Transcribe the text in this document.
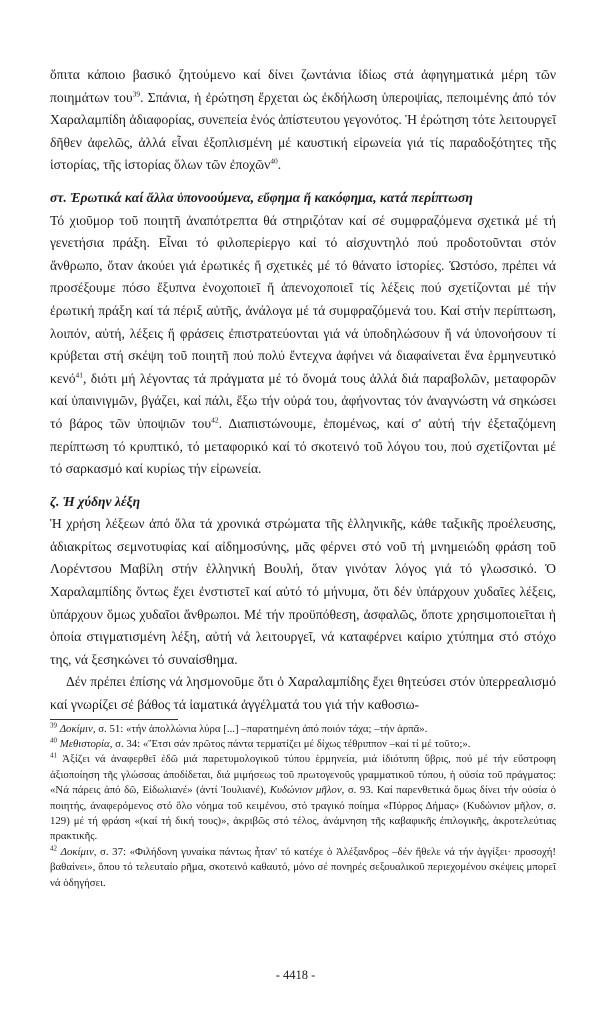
ὅπιτα κάποιο βασικό ζητούμενο καί δίνει ζωντάνια ἰδίως στά ἀφηγηματικά μέρη τῶν ποιημάτων του$^{39}$. Σπάνια, ἡ ἐρώτηση ἔρχεται ὡς ἐκδήλωση ὑπεροψίας, πεποιμένης ἀπό τόν Χαραλαμπίδη ἀδιαφορίας, συνεπεία ἑνός ἀπίστευτου γεγονότος. Ἡ ἐρώτηση τότε λειτουργεῖ δῆθεν ἀφελῶς, ἀλλά εἶναι ἐξοπλισμένη μέ καυστική εἰρωνεία γιά τίς παραδοξότητες τῆς ἱστορίας, τῆς ἱστορίας ὅλων τῶν ἐποχῶν$^{40}$.

στ. Ἐρωτικά καί ἄλλα ὑπονοούμενα, εὔφημα ἤ κακόφημα, κατά περίπτωση

Τό χιοῦμορ τοῦ ποιητῆ ἀναπότρεπτα θά στηριζόταν καί σέ συμφραζόμενα σχετικά μέ τή γενετήσια πράξη. Εἶναι τό φιλοπερίεργο καί τό αἰσχυντηλό πού προδοτοῦνται στόν ἄνθρωπο, ὅταν ἀκούει γιά ἐρωτικές ἤ σχετικές μέ τό θάνατο ἱστορίες. Ὡστόσο, πρέπει νά προσέξουμε πόσο ἔξυπνα ἐνοχοποιεῖ ἤ ἀπενοχοποιεῖ τίς λέξεις πού σχετίζονται μέ τήν ἐρωτική πράξη καί τά πέριξ αὐτῆς, ἀνάλογα μέ τά συμφραζόμενά του. Καί στήν περίπτωση, λοιπόν, αὐτή, λέξεις ἤ φράσεις ἐπιστρατεύονται γιά νά ὑποδηλώσουν ἤ νά ὑπονοήσουν τί κρύβεται στή σκέψη τοῦ ποιητῆ πού πολύ ἔντεχνα ἀφήνει νά διαφαίνεται ἕνα ἑρμηνευτικό κενό$^{41}$, διότι μή λέγοντας τά πράγματα μέ τό ὄνομά τους ἀλλά διά παραβολῶν, μεταφορῶν καί ὑπαινιγμῶν, βγάζει, καί πάλι, ἔξω τήν οὐρά του, ἀφήνοντας τόν ἀναγνώστη νά σηκώσει τό βάρος τῶν ὑποψιῶν του$^{42}$. Διαπιστώνουμε, ἑπομένως, καί σ' αὐτή τήν ἐξεταζόμενη περίπτωση τό κρυπτικό, τό μεταφορικό καί τό σκοτεινό τοῦ λόγου του, πού σχετίζονται μέ τό σαρκασμό καί κυρίως τήν εἰρωνεία.

ζ. Ἡ χύδην λέξη

Ἡ χρήση λέξεων ἀπό ὅλα τά χρονικά στρώματα τῆς ἑλληνικῆς, κάθε ταξικῆς προέλευσης, ἀδιακρίτως σεμνοτυφίας καί αἰδημοσύνης, μᾶς φέρνει στό νοῦ τή μνημειώδη φράση τοῦ Λορέντσου Μαβίλη στήν ἑλληνική Βουλή, ὅταν γινόταν λόγος γιά τό γλωσσικό. Ὁ Χαραλαμπίδης ὄντως ἔχει ἐνστιστεῖ καί αὐτό τό μήνυμα, ὅτι δέν ὑπάρχουν χυδαῖες λέξεις, ὑπάρχουν ὅμως χυδαῖοι ἄνθρωποι. Μέ τήν προϋπόθεση, ἀσφαλῶς, ὅποτε χρησιμοποιεῖται ἡ ὁποία στιγματισμένη λέξη, αὐτή νά λειτουργεῖ, νά καταφέρνει καίριο χτύπημα στό στόχο της, νά ξεσηκώνει τό συναίσθημα.

Δέν πρέπει ἐπίσης νά λησμονοῦμε ὅτι ὁ Χαραλαμπίδης ἔχει θητεύσει στόν ὑπερρεαλισμό καί γνωρίζει σέ βάθος τά ἰαματικά ἀγγέλματά του γιά τήν καθοσιω-

$^{39}$ Δοκίμιν, σ. 51: «τήν ἀπολλώνια λύρα [...] –παρατημένη ἀπό ποιόν τάχα; –τήν ἁρπᾶ».

$^{40}$ Μεθιστορία, σ. 34: «Ἔτσι σάν πρῶτος πάντα τερματίζει μέ δίχως τέθριππον –καί τί μέ τοῦτο;».

$^{41}$ Ἀξίζει νά ἀναφερθεῖ ἐδῶ μιά παρετυμολογικοῦ τύπου ἑρμηνεία, μιά ἰδιότυπη ὕβρις, πού μέ τήν εὔστροφη ἀξιοποίηση τῆς γλώσσας ἀποδίδεται, διά μιμήσεως τοῦ πρωτογενοῦς γραμματικοῦ τύπου, ἡ οὐσία τοῦ πράγματος: «Νά πάρεις ἀπό δῶ, Εἰδωλιανέ» (ἀντί Ἰουλιανέ), Κυδώνιον μῆλον, σ. 93. Καί παρενθετικά ὅμως δίνει τήν οὐσία ὁ ποιητής, ἀναφερόμενος στό ὅλο νόημα τοῦ κειμένου, στό τραγικό ποίημα «Πύρρος Δήμας» (Κυδώνιον μῆλον, σ. 129) μέ τή φράση «(καί τή δική τους)», ἀκριβῶς στό τέλος, ἀνάμνηση τῆς καβαφικῆς ἐπιλογικῆς, ἀκροτελεύτιας πρακτικῆς.

$^{42}$ Δοκίμιν, σ. 37: «Φιλήδονη γυναίκα πάντως ἦταν' τό κατέχε ὁ Ἀλέξανδρος –δέν ἤθελε νά τήν ἀγγίξει· προσοχή! βαθαίνει», ὅπου τό τελευταίο ρῆμα, σκοτεινό καθαυτό, μόνο σέ πονηρές σεξουαλικοῦ περιεχομένου σκέψεις μπορεῖ νά ὁδηγήσει.

- 4418 -
